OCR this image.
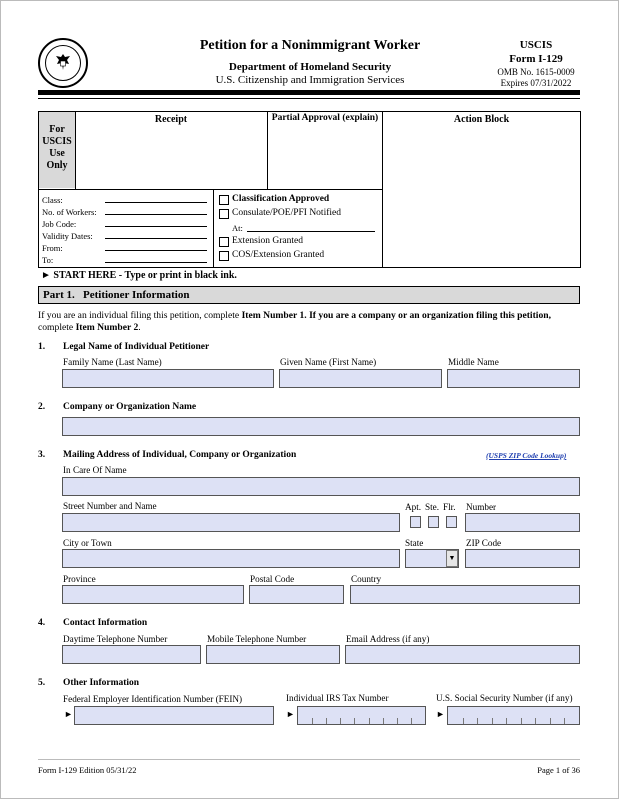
Petition for a Nonimmigrant Worker
Department of Homeland Security
U.S. Citizenship and Immigration Services
USCIS
Form I-129
OMB No. 1615-0009
Expires 07/31/2022
For
USCIS
Use
Only
Receipt	Partial Approval (explain)	Action Block
Class:
No. of Workers:
Job Code:
Validity Dates:
From:
To:
Classification Approved
Consulate/POE/PFI Notified
At:
Extension Granted
COS/Extension Granted
► START HERE - Type or print in black ink.
Part 1. Petitioner Information
If you are an individual filing this petition, complete Item Number 1. If you are a company or an organization filing this petition,
complete Item Number 2.
1. Legal Name of Individual Petitioner
Family Name (Last Name)	Given Name (First Name)	Middle Name
2. Company or Organization Name
3. Mailing Address of Individual, Company or Organization	(USPS ZIP Code Lookup)
In Care Of Name
Street Number and Name	Apt. Ste. Flr. Number
City or Town	State	ZIP Code
▼
Province	Postal Code	Country
4. Contact Information
Daytime Telephone Number	Mobile Telephone Number	Email Address (if any)
5. Other Information
Federal Employer Identification Number (FEIN)	Individual IRS Tax Number	U.S. Social Security Number (if any)
►	►	►
Form I-129 Edition 05/31/22	Page 1 of 36
